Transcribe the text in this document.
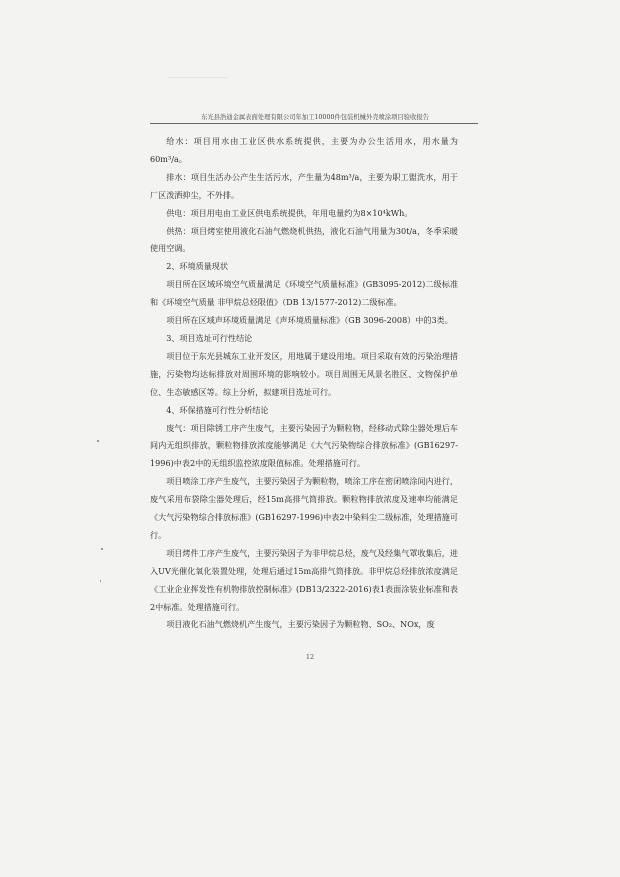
东光县浩通金属表面处理有限公司年加工10000件包装机械外壳喷涂项目验收报告

给水：项目用水由工业区供水系统提供，主要为办公生活用水，用水量为60m³/a。

排水：项目生活办公产生生活污水，产生量为48m³/a，主要为职工盥洗水，用于厂区泼洒抑尘，不外排。

供电：项目用电由工业区供电系统提供，年用电量约为8×10⁴kWh。

供热：项目烤室使用液化石油气燃烧机供热，液化石油气用量为30t/a，冬季采暖使用空调。

2、环境质量现状

项目所在区域环境空气质量满足《环境空气质量标准》(GB3095-2012)二级标准和《环境空气质量 非甲烷总烃限值》（DB 13/1577-2012)二级标准。

项目所在区域声环境质量满足《声环境质量标准》（GB 3096-2008）中的3类。

3、项目选址可行性结论

项目位于东光县城东工业开发区，用地属于建设用地。项目采取有效的污染治理措施，污染物均达标排放对周围环境的影响较小。项目周围无风景名胜区、文物保护单位、生态敏感区等。综上分析，拟建项目选址可行。

4、环保措施可行性分析结论

废气：项目除锈工序产生废气，主要污染因子为颗粒物，经移动式除尘器处理后车间内无组织排放，颗粒物排放浓度能够满足《大气污染物综合排放标准》(GB16297-1996)中表2中的无组织监控浓度限值标准。处理措施可行。

项目喷涂工序产生废气，主要污染因子为颗粒物，喷涂工序在密闭喷涂间内进行，废气采用布袋除尘器处理后，经15m高排气筒排放。颗粒物排放浓度及速率均能满足《大气污染物综合排放标准》(GB16297-1996)中表2中染料尘二级标准，处理措施可行。

项目烤件工序产生废气，主要污染因子为非甲烷总烃，废气及经集气罩收集后，进入UV光催化氧化装置处理，处理后通过15m高排气筒排放。非甲烷总烃排放浓度满足《工业企业挥发性有机物排放控制标准》(DB13/2322-2016)表1表面涂装业标准和表2中标准。处理措施可行。

项目液化石油气燃烧机产生废气，主要污染因子为颗粒物、SO₂、NOx，废

12
